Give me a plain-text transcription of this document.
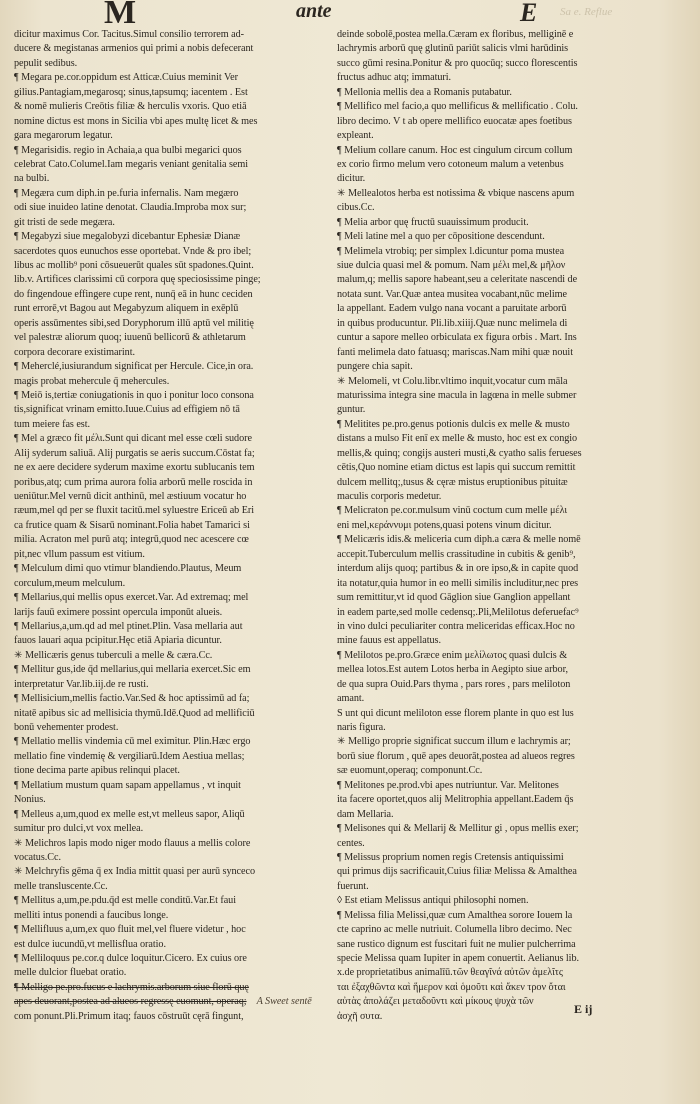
M	ante	E Sa e. Reflue
dicitur maximus Cor. Tacitus.Simul consilio terrorem ad-
ducere & megistanas armenios qui primi a nobis defecerant
pepulit sedibus.
¶ Megara pe.cor.oppidum est Atticæ.Cuius meminit Ver
gilius.Pantagiam,megarosq; sinus,tapsumq; iacentem . Est
& nomē mulieris Creōtis filiæ & herculis vxoris. Quo etiā
nomine dictus est mons in Sicilia vbi apes multę licet & mes
gara megarorum legatur.
¶ Megarisidis. regio in Achaia,a qua bulbi megarici quos
celebrat Cato.Columel.Iam megaris veniant genitalia semi
na bulbi.
¶ Megæra cum diph.in pe.furia infernalis. Nam megæro
odi siue inuideo latine denotat. Claudia.Improba mox sur;
git tristi de sede megæra.
¶ Megabyzi siue megalobyzi dicebantur Ephesiæ Dianæ
sacerdotes quos eunuchos esse oportebat. Vnde & pro ibel;
libus ac mollib⁹ poni cōsueuerūt quales sūt spadones.Quint.
lib.v. Artifices clarissimi cū corpora quę speciosissime pinge;
do fingendoue effingere cupe rent, nunq̄ eā in hunc ceciden
runt errorē,vt Bagou aut Megabyzum aliquem in exēplū
operis assūmentes sibi,sed Doryphorum illū aptū vel militię
vel palestræ aliorum quoq; iuuenū bellicorū & athletarum
corpora decorare existimarint.
¶ Meherclé,iusiurandum significat per Hercule. Cice,in ora.
magis probat mehercule q̄ mehercules.
¶ Meiō is,tertiæ coniugationis in quo i ponitur loco consona
tis,significat vrinam emitto.Iuue.Cuius ad effigiem nō tā
tum meiere fas est.
¶ Mel a græco fit μέλι.Sunt qui dicant mel esse cœli sudore
Alij syderum saliuā. Alij purgatis se aeris succum.Cōstat fa;
ne ex aere decidere syderum maxime exortu sublucanis tem
poribus,atq; cum prima aurora folia arborū melle roscida in
ueniūtur.Mel vernū dicit anthinū, mel æstiuum vocatur ho
ræum,mel qd per se fluxit tacitū.mel syluestre Ericeū ab Eri
ca frutice quam & Sisarū nominant.Folia habet Tamarici si
milia. Acraton mel purū atq; integrū,quod nec acescere cœ
pit,nec vllum passum est vitium.
¶ Melculum dimi quo vtimur blandiendo.Plautus, Meum
corculum,meum melculum.
¶ Mellarius,qui mellis opus exercet.Var. Ad extremaq; mel
larijs fauū eximere possint opercula imponūt alueis.
¶ Mellarius,a,um.qd ad mel ptinet.Plin. Vasa mellaria aut
fauos lauari aqua pcipitur.Hęc etiā Apiaria dicuntur.
✳ Mellicæris genus tuberculi a melle & cæra.Cc.
¶ Mellitur gus,ide q̄d mellarius,qui mellaria exercet.Sic em
interpretatur Var.lib.iij.de re rusti.
¶ Mellisicium,mellis factio.Var.Sed & hoc aptissimū ad fa;
nitatē apibus sic ad mellisicia thymū.Idē.Quod ad mellificiū
bonū vehementer prodest.
¶ Mellatio mellis vindemia cū mel eximitur. Plin.Hæc ergo
mellatio fine vindemię & vergiliarū.Idem Aestiua mellas;
tione decima parte apibus relinqui placet.
¶ Mellatium mustum quam sapam appellamus , vt inquit
Nonius.
¶ Melleus a,um,quod ex melle est,vt melleus sapor, Aliqū
sumitur pro dulci,vt vox mellea.
✳ Melichros lapis modo niger modo flauus a mellis colore
vocatus.Cc.
✳ Melchryfis gēma q̄ ex India mittit quasi per aurū synceco
melle transluscente.Cc.
¶ Mellitus a,um,pe.pdu.q̄d est melle conditū.Var.Et faui
melliti intus ponendi a faucibus longe.
¶ Mellifluus a,um,ex quo fluit mel,vel fluere videtur , hoc
est dulce iucundū,vt mellisflua oratio.
¶ Melliloquus pe.cor.q dulce loquitur.Cicero. Ex cuius ore
melle dulcior fluebat oratio.
¶ Melligo pe.pro.fucus e lachrymis.arborum siue florū quę
apes deuorant,postea ad alueos regressę euomunt, operaq; A Sweet sentē
com ponunt.Pli.Primum itaq; fauos cōstruūt cęrā fingunt,
deinde sobolē,postea mella.Cæram ex floribus, melliginē e
lachrymis arborū quę glutinū pariūt salicis vlmi harūdinis
succo gūmi resina.Ponitur & pro quocūq; succo florescentis
fructus adhuc atq; immaturi.
¶ Mellonia mellis dea a Romanis putabatur.
¶ Mellifico mel facio,a quo mellificus & mellificatio . Colu.
libro decimo. V t ab opere mellifico euocatæ apes foetibus
expleant.
¶ Melium collare canum. Hoc est cingulum circum collum
ex corio firmo melum vero cotoneum malum a vetenbus
dicitur.
✳ Mellealotos herba est notissima & vbique nascens apum
cibus.Cc.
¶ Melia arbor quę fructū suauissimum producit.
¶ Meli latine mel a quo per cōpositione descendunt.
¶ Melimela vtrobiq; per simplex l.dicuntur poma mustea
siue dulcia quasi mel & pomum. Nam μέλι mel,& μῆλον
malum,q; mellis sapore habeant,seu a celeritate nascendi de
notata sunt. Var.Quæ antea musitea vocabant,nūc melime
la appellant. Eadem vulgo nana vocant a paruitate arborū
in quibus producuntur. Pli.lib.xiiij.Quæ nunc melimela di
cuntur a sapore melleo orbiculata ex figura orbis . Mart. Ins
fanti melimela dato fatuasq; mariscas.Nam mihi quæ nouit
pungere chia sapit.
✳ Melomeli, vt Colu.libr.vltimo inquit,vocatur cum māla
maturissima integra sine macula in lagœna in melle submer
guntur.
¶ Melitites pe.pro.genus potionis dulcis ex melle & musto
distans a mulso Fit enī ex melle & musto, hoc est ex congio
mellis,& quinq; congijs austeri musti,& cyatho salis ferueses
cētis,Quo nomine etiam dictus est lapis qui succum remittit
dulcem mellitq;,tusus & cęræ mistus eruptionibus pituitæ
maculis corporis medetur.
¶ Melicraton pe.cor.mulsum vinū coctum cum melle μέλι
eni mel,κεράννυμι potens,quasi potens vinum dicitur.
¶ Melicæris idis.& meliceria cum diph.a cæra & melle nomē
accepit.Tuberculum mellis crassitudine in cubitis & genib⁹,
interdum alijs quoq; partibus & in ore ipso,& in capite quod
ita notatur,quia humor in eo melli similis includitur,nec pres
sum remittitur,vt id quod Gāglion siue Ganglion appellant
in eadem parte,sed molle cedensq;.Pli,Melilotus deferuefac⁹
in vino dulci peculiariter contra meliceridas efficax.Hoc no
mine fauus est appellatus.
¶ Melilotos pe.pro.Græce enim μελίλωτος quasi dulcis &
mellea lotos.Est autem Lotos herba in Aegipto siue arbor,
de qua supra Ouid.Pars thyma , pars rores , pars meliloton
amant.
S unt qui dicunt meliloton esse florem plante in quo est lus
naris figura.
✳ Melligo proprie significat succum illum e lachrymis ar;
borū siue florum , quē apes deuorāt,postea ad alueos regres
sæ euomunt,operaq; componunt.Cc.
¶ Melitones pe.prod.vbi apes nutriuntur. Var. Melitones
ita facere oportet,quos alij Melitrophia appellant.Eadem q̄s
dam Mellaria.
¶ Melisones qui & Mellarij & Mellitur gi , opus mellis exer;
centes.
¶ Melissus proprium nomen regis Cretensis antiquissimi
qui primus dijs sacrificauit,Cuius filiæ Melissa & Amalthea
fuerunt.
◊ Est etiam Melissus antiqui philosophi nomen.
¶ Melissa filia Melissi,quæ cum Amalthea sorore Iouem la
cte caprino ac melle nutriuit. Columella libro decimo. Nec
sane rustico dignum est fuscitari fuit ne mulier pulcherrima
specie Melissa quam Iupiter in apem conuertit. Aelianus lib.
x.de proprietatibus animalīū.τῶν θεαγῖνά αὐτῶν ἀμελῖτς
ται ἐξαχθῶντα καὶ ἥμερον καὶ ὁμοῦτι καὶ ἄκεν τρον ὄται
αὐτὰς ἀπολάζει μεταδοῦντι καὶ μίκους ψυχὰ τῶν
ἀσχῆ συτα.
E ij
